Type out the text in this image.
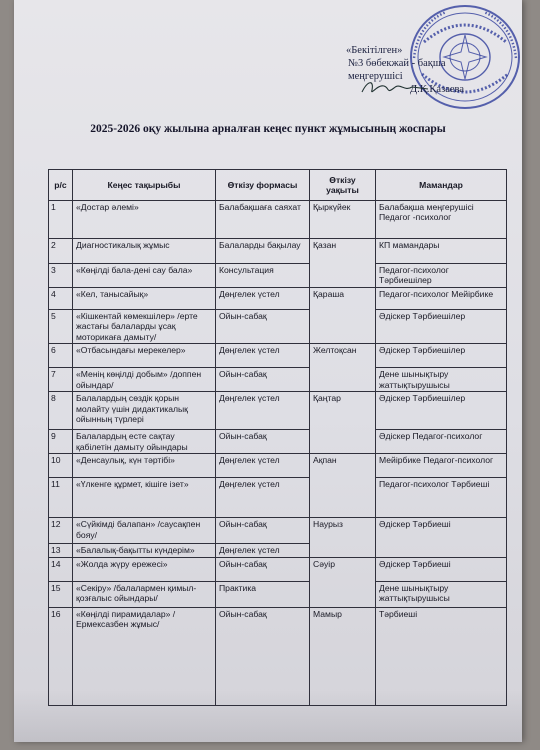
«Бекітілген»
№3 бөбекжай - бақша
меңгерушісі
Д.Қ.Қазаева
2025-2026 оқу жылына арналған кеңес пункт жұмысының жоспары
р/с	Кеңес тақырыбы	Өткізу формасы	Өткізу уақыты	Мамандар
1	«Достар әлемі»	Балабақшаға саяхат	Қыркүйек	Балабақша меңгерушісі Педагог -психолог
2	Диагностикалық жұмыс	Балаларды бақылау	Қазан	КП мамандары
3	«Көңілді бала-дені сау бала»	Консультация		Педагог-психолог Тәрбиешілер
4	«Кел, танысайық»	Дөңгелек үстел	Қараша	Педагог-психолог Мейірбике
5	«Кішкентай көмекшілер» /ерте жастағы балаларды ұсақ моторикаға дамыту/	Ойын-сабақ		Әдіскер Тәрбиешілер
6	«Отбасындағы мерекелер»	Дөңгелек үстел	Желтоқсан	Әдіскер Тәрбиешілер
7	«Менің көңілді добым» /доппен ойындар/	Ойын-сабақ		Дене шынықтыру жаттықтырушысы
8	Балалардың сөздік қорын молайту үшін дидактикалық ойынның түрлері	Дөңгелек үстел	Қаңтар	Әдіскер Тәрбиешілер
9	Балалардың есте сақтау қабілетін дамыту ойындары	Ойын-сабақ		Әдіскер Педагог-психолог
10	«Денсаулық, күн тәртібі»	Дөңгелек үстел	Ақпан	Мейірбике Педагог-психолог
11	«Үлкенге құрмет, кішіге ізет»	Дөңгелек үстел		Педагог-психолог Тәрбиеші
12	«Сүйкімді балапан» /саусақпен бояу/	Ойын-сабақ	Наурыз	Әдіскер Тәрбиеші
13	«Балалық-бақытты күндерім»	Дөңгелек үстел		
14	«Жолда жүру ережесі»	Ойын-сабақ	Сәуір	Әдіскер Тәрбиеші
15	«Секіру» /балалармен қимыл-қозғалыс ойындары/	Практика		Дене шынықтыру жаттықтырушысы
16	«Көңілді пирамидалар» /Ермексазбен жұмыс/	Ойын-сабақ	Мамыр	Тәрбиеші
